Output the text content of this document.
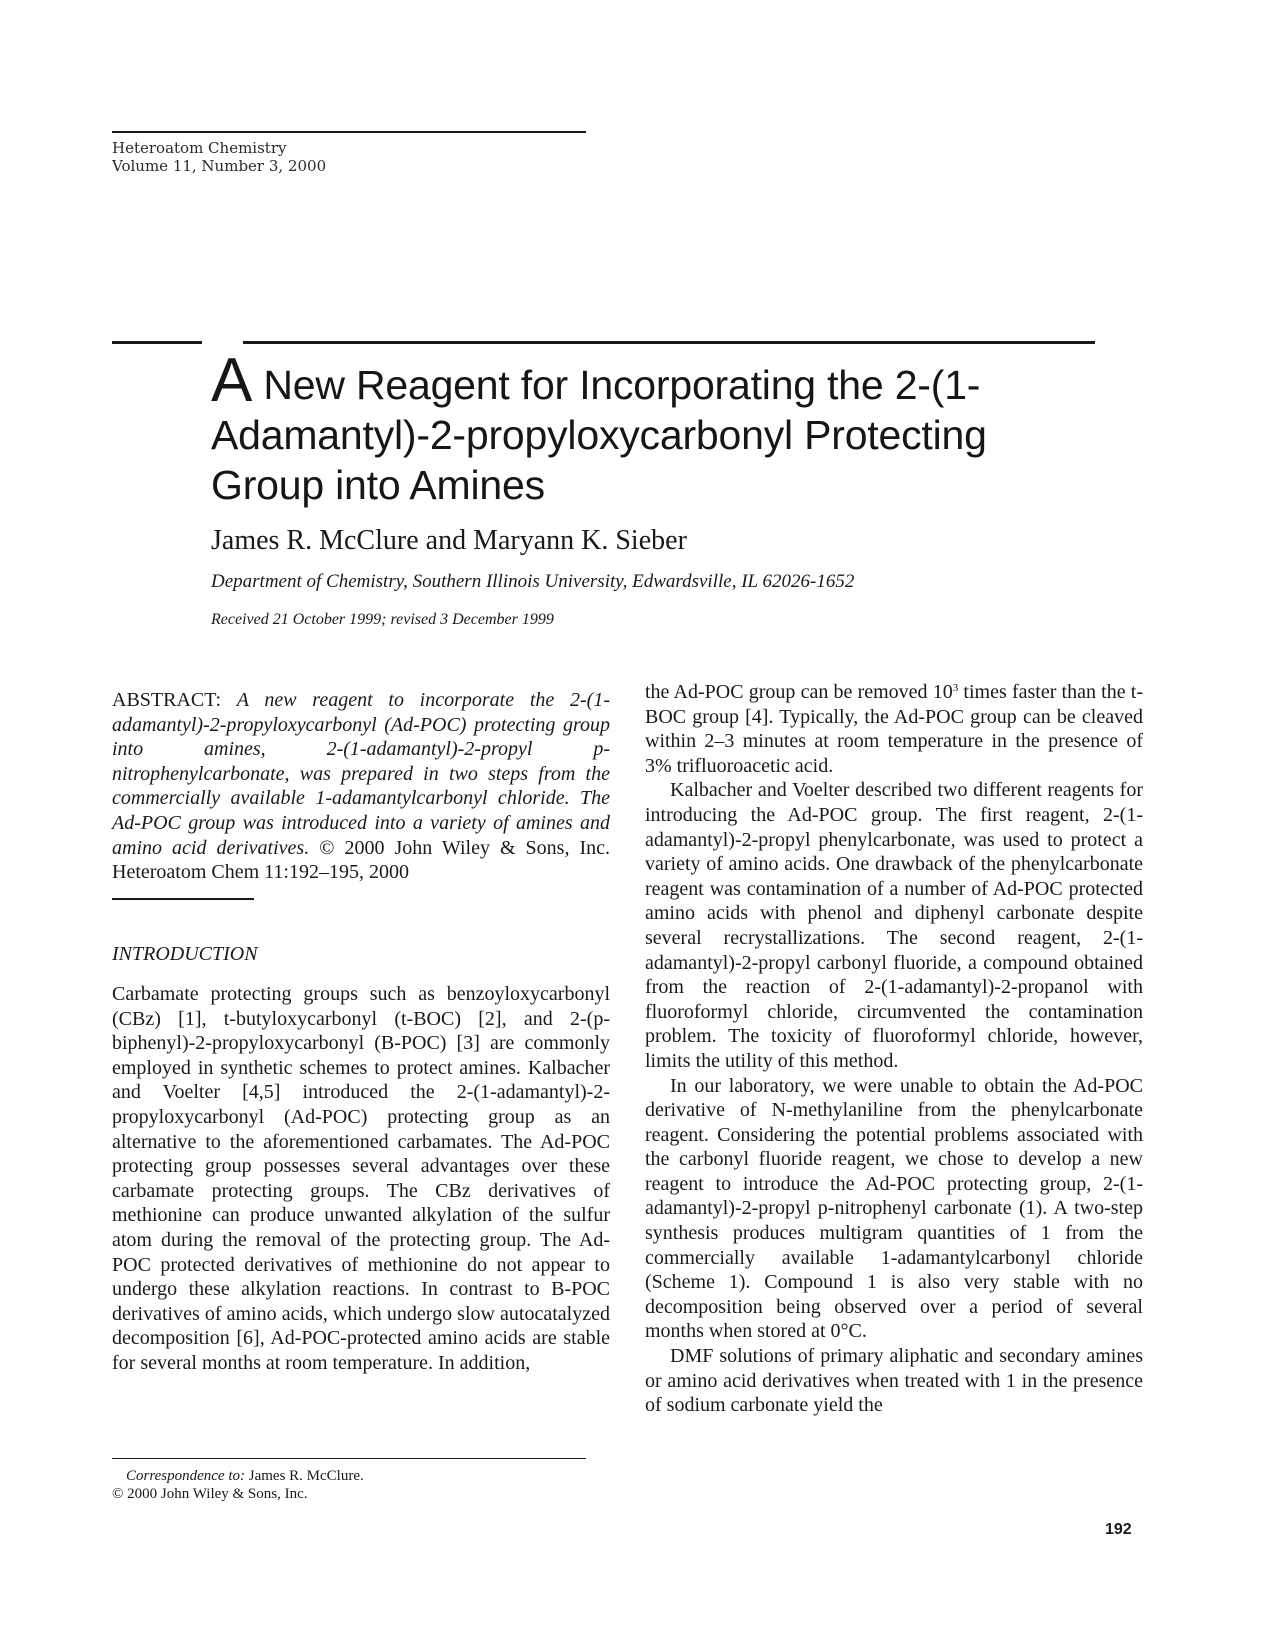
Heteroatom Chemistry
Volume 11, Number 3, 2000
A New Reagent for Incorporating the 2-(1-Adamantyl)-2-propyloxycarbonyl Protecting Group into Amines
James R. McClure and Maryann K. Sieber
Department of Chemistry, Southern Illinois University, Edwardsville, IL 62026-1652
Received 21 October 1999; revised 3 December 1999
ABSTRACT: A new reagent to incorporate the 2-(1-adamantyl)-2-propyloxycarbonyl (Ad-POC) protecting group into amines, 2-(1-adamantyl)-2-propyl p-nitrophenylcarbonate, was prepared in two steps from the commercially available 1-adamantylcarbonyl chloride. The Ad-POC group was introduced into a variety of amines and amino acid derivatives. © 2000 John Wiley & Sons, Inc. Heteroatom Chem 11:192–195, 2000
INTRODUCTION

Carbamate protecting groups such as benzoyloxycarbonyl (CBz) [1], t-butyloxycarbonyl (t-BOC) [2], and 2-(p-biphenyl)-2-propyloxycarbonyl (B-POC) [3] are commonly employed in synthetic schemes to protect amines. Kalbacher and Voelter [4,5] introduced the 2-(1-adamantyl)-2-propyloxycarbonyl (Ad-POC) protecting group as an alternative to the aforementioned carbamates. The Ad-POC protecting group possesses several advantages over these carbamate protecting groups. The CBz derivatives of methionine can produce unwanted alkylation of the sulfur atom during the removal of the protecting group. The Ad-POC protected derivatives of methionine do not appear to undergo these alkylation reactions. In contrast to B-POC derivatives of amino acids, which undergo slow autocatalyzed decomposition [6], Ad-POC-protected amino acids are stable for several months at room temperature. In addition,

the Ad-POC group can be removed $10^3$ times faster than the t-BOC group [4]. Typically, the Ad-POC group can be cleaved within 2–3 minutes at room temperature in the presence of 3% trifluoroacetic acid.

Kalbacher and Voelter described two different reagents for introducing the Ad-POC group. The first reagent, 2-(1-adamantyl)-2-propyl phenylcarbonate, was used to protect a variety of amino acids. One drawback of the phenylcarbonate reagent was contamination of a number of Ad-POC protected amino acids with phenol and diphenyl carbonate despite several recrystallizations. The second reagent, 2-(1-adamantyl)-2-propyl carbonyl fluoride, a compound obtained from the reaction of 2-(1-adamantyl)-2-propanol with fluoroformyl chloride, circumvented the contamination problem. The toxicity of fluoroformyl chloride, however, limits the utility of this method.

In our laboratory, we were unable to obtain the Ad-POC derivative of N-methylaniline from the phenylcarbonate reagent. Considering the potential problems associated with the carbonyl fluoride reagent, we chose to develop a new reagent to introduce the Ad-POC protecting group, 2-(1-adamantyl)-2-propyl p-nitrophenyl carbonate (1). A two-step synthesis produces multigram quantities of 1 from the commercially available 1-adamantylcarbonyl chloride (Scheme 1). Compound 1 is also very stable with no decomposition being observed over a period of several months when stored at 0°C.

DMF solutions of primary aliphatic and secondary amines or amino acid derivatives when treated with 1 in the presence of sodium carbonate yield the

Correspondence to: James R. McClure.
© 2000 John Wiley & Sons, Inc.
192
